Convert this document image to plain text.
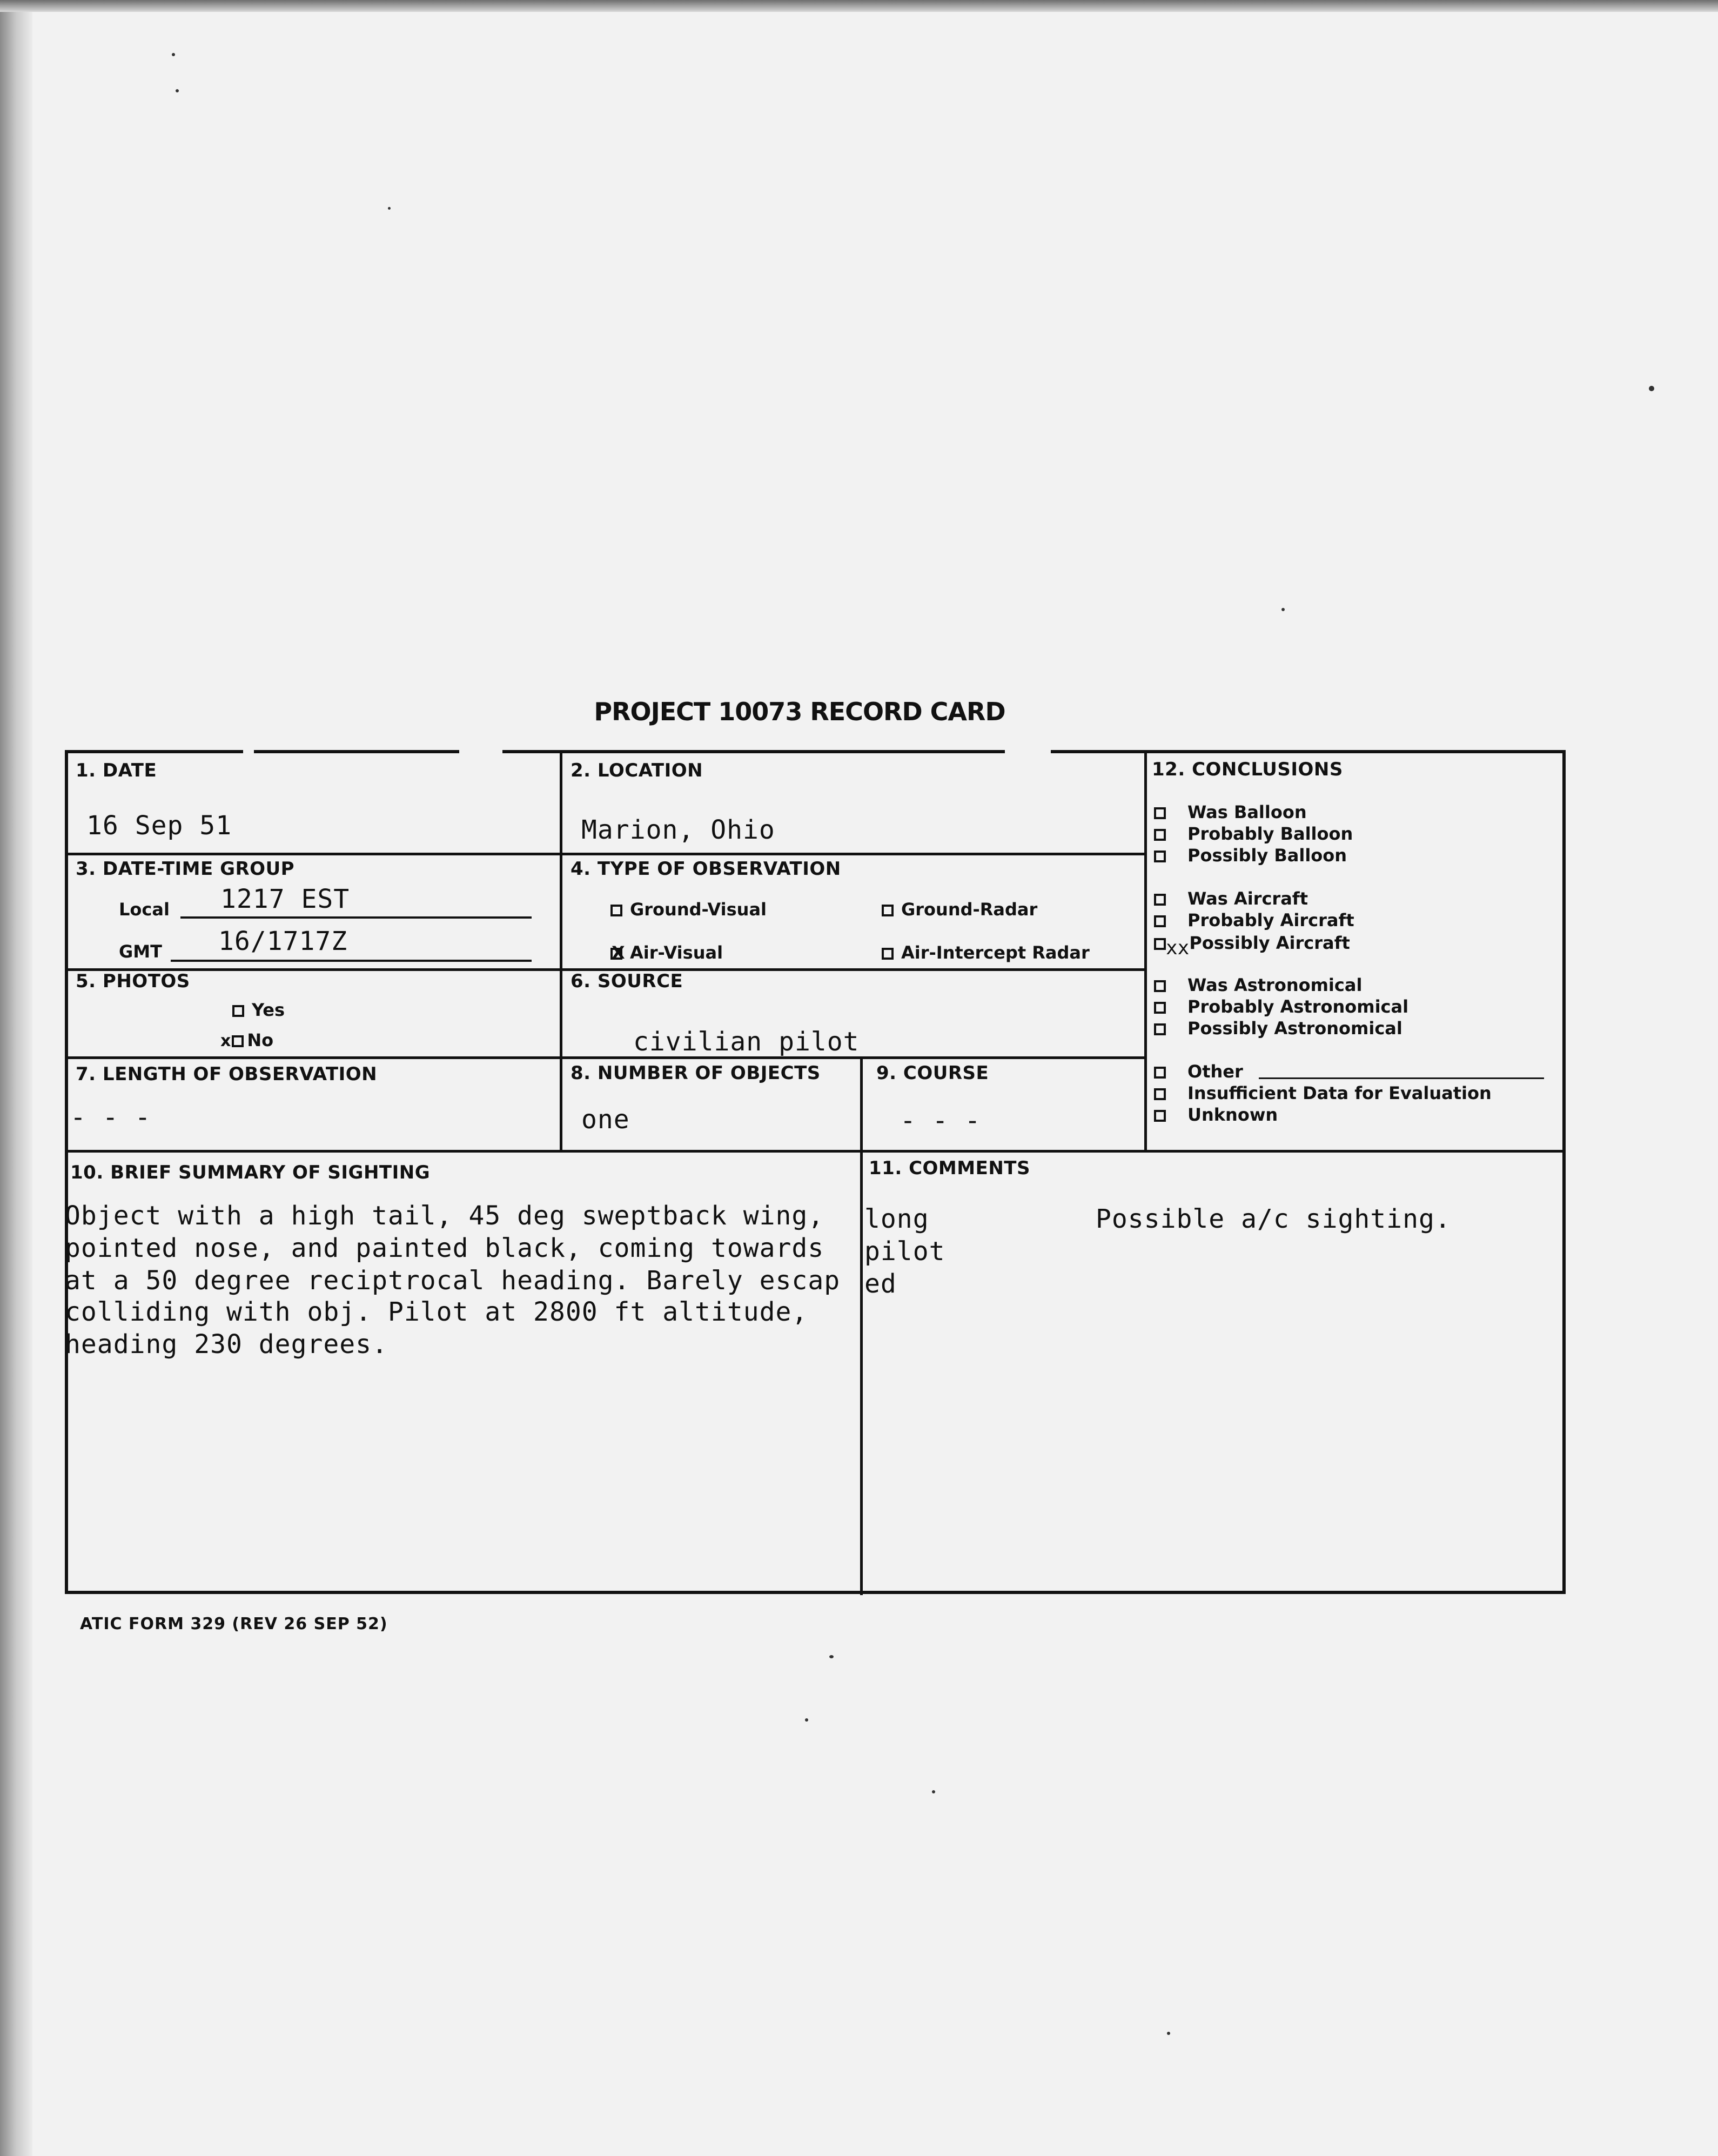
PROJECT 10073 RECORD CARD
1. DATE
16 Sep 51
2. LOCATION
Marion, Ohio
3. DATE-TIME GROUP
Local 1217 EST
GMT 16/1717Z
4. TYPE OF OBSERVATION
Ground-Visual	Ground-Radar
X Air-Visual	Air-Intercept Radar
5. PHOTOS
Yes
x No
6. SOURCE
civilian pilot
7. LENGTH OF OBSERVATION
- - -
8. NUMBER OF OBJECTS
one
9. COURSE
- - -
10. BRIEF SUMMARY OF SIGHTING
Object with a high tail, 45 deg sweptback wing,
pointed nose, and painted black, coming towards
at a 50 degree reciptrocal heading. Barely escap
colliding with obj. Pilot at 2800 ft altitude,
heading 230 degrees.
11. COMMENTS
long
pilot
ed
Possible a/c sighting.
12. CONCLUSIONS
Was Balloon
Probably Balloon
Possibly Balloon
Was Aircraft
Probably Aircraft
xxPossibly Aircraft
Was Astronomical
Probably Astronomical
Possibly Astronomical
Other
Insufficient Data for Evaluation
Unknown
ATIC FORM 329 (REV 26 SEP 52)
